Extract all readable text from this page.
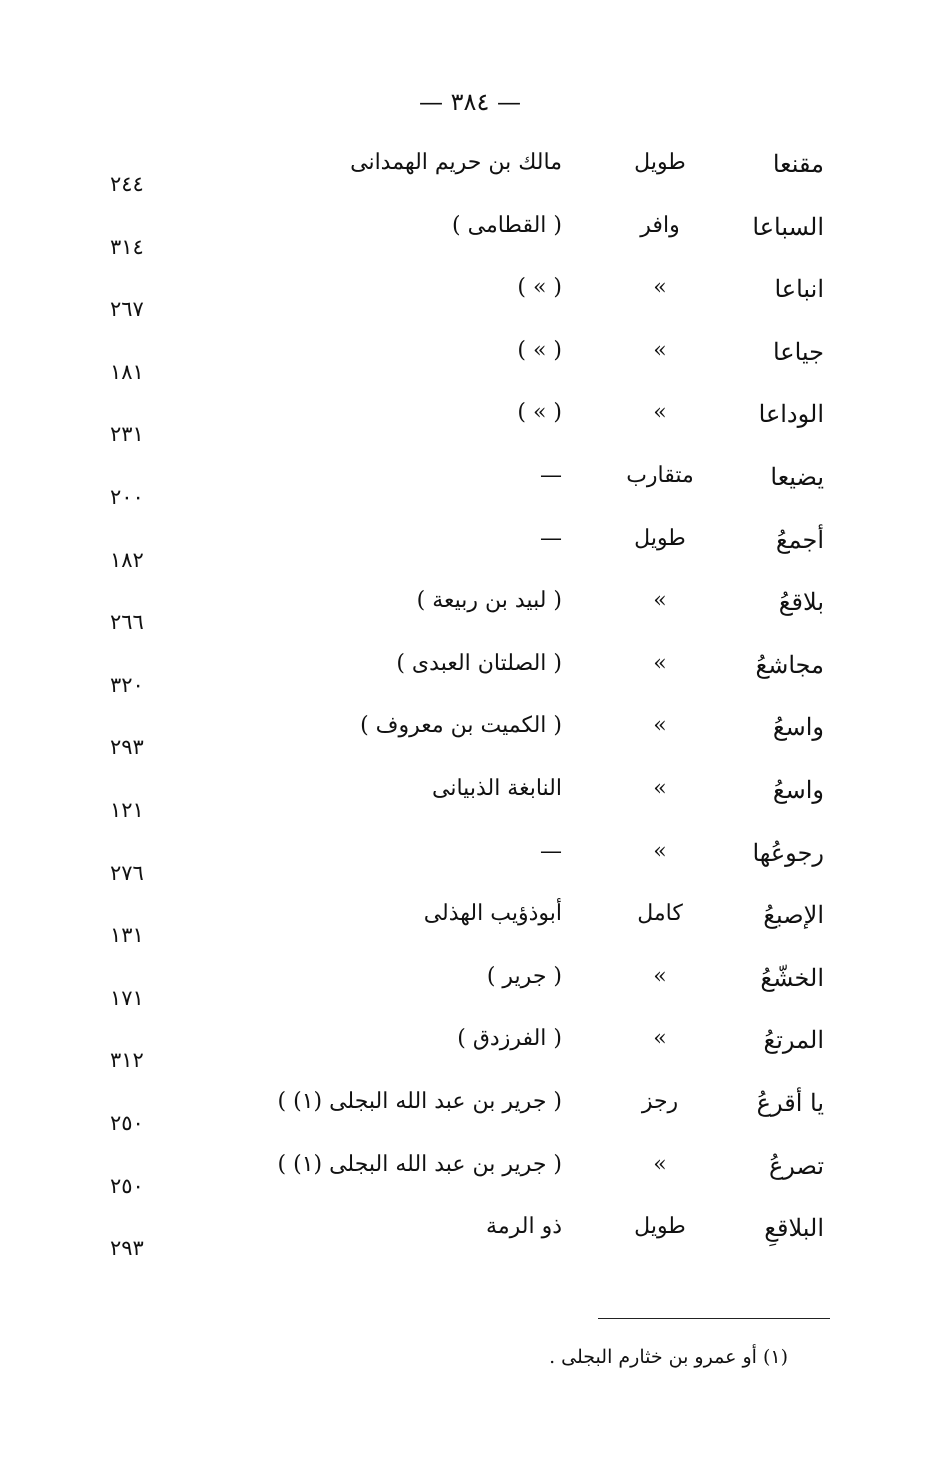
— ٣٨٤ —
مقنعا
طويل
مالك بن حريم الهمدانى
٢٤٤
السباعا
وافر
( القطامى )
٣١٤
انباعا
»
( » )
٢٦٧
جياعا
»
( » )
١٨١
الوداعا
»
( » )
٢٣١
يضيعا
متقارب
—
٢٠٠
أجمعُ
طويل
—
١٨٢
بلاقعُ
»
( لبيد بن ربيعة )
٢٦٦
مجاشعُ
»
( الصلتان العبدى )
٣٢٠
واسعُ
»
( الكميت بن معروف )
٢٩٣
واسعُ
»
النابغة الذبيانى
١٢١
رجوعُها
»
—
٢٧٦
الإصبعُ
كامل
أبوذؤيب الهذلى
١٣١
الخشّعُ
»
( جرير )
١٧١
المرتعُ
»
( الفرزدق )
٣١٢
يا أقرعُ
رجز
( جرير بن عبد الله البجلى (١) )
٢٥٠
تصرعُ
»
( جرير بن عبد الله البجلى (١) )
٢٥٠
البلاقعِ
طويل
ذو الرمة
٢٩٣
(١) أو عمرو بن خثارم البجلى .
